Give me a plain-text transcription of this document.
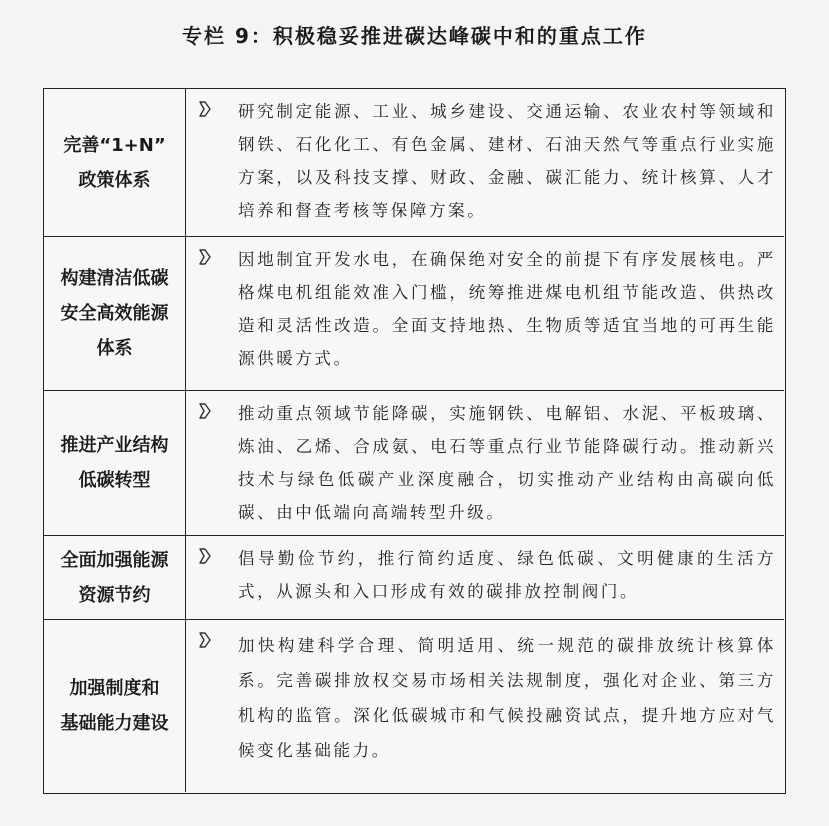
专栏 9：积极稳妥推进碳达峰碳中和的重点工作
完善“1+N”
政策体系
研究制定能源、工业、城乡建设、交通运输、农业农村等领域和钢铁、石化化工、有色金属、建材、石油天然气等重点行业实施方案，以及科技支撑、财政、金融、碳汇能力、统计核算、人才培养和督查考核等保障方案。
构建清洁低碳
安全高效能源
体系
因地制宜开发水电，在确保绝对安全的前提下有序发展核电。严格煤电机组能效准入门槛，统筹推进煤电机组节能改造、供热改造和灵活性改造。全面支持地热、生物质等适宜当地的可再生能源供暖方式。
推进产业结构
低碳转型
推动重点领域节能降碳，实施钢铁、电解铝、水泥、平板玻璃、炼油、乙烯、合成氨、电石等重点行业节能降碳行动。推动新兴技术与绿色低碳产业深度融合，切实推动产业结构由高碳向低碳、由中低端向高端转型升级。
全面加强能源
资源节约
倡导勤俭节约，推行简约适度、绿色低碳、文明健康的生活方式，从源头和入口形成有效的碳排放控制阀门。
加强制度和
基础能力建设
加快构建科学合理、简明适用、统一规范的碳排放统计核算体系。完善碳排放权交易市场相关法规制度，强化对企业、第三方机构的监管。深化低碳城市和气候投融资试点，提升地方应对气候变化基础能力。
